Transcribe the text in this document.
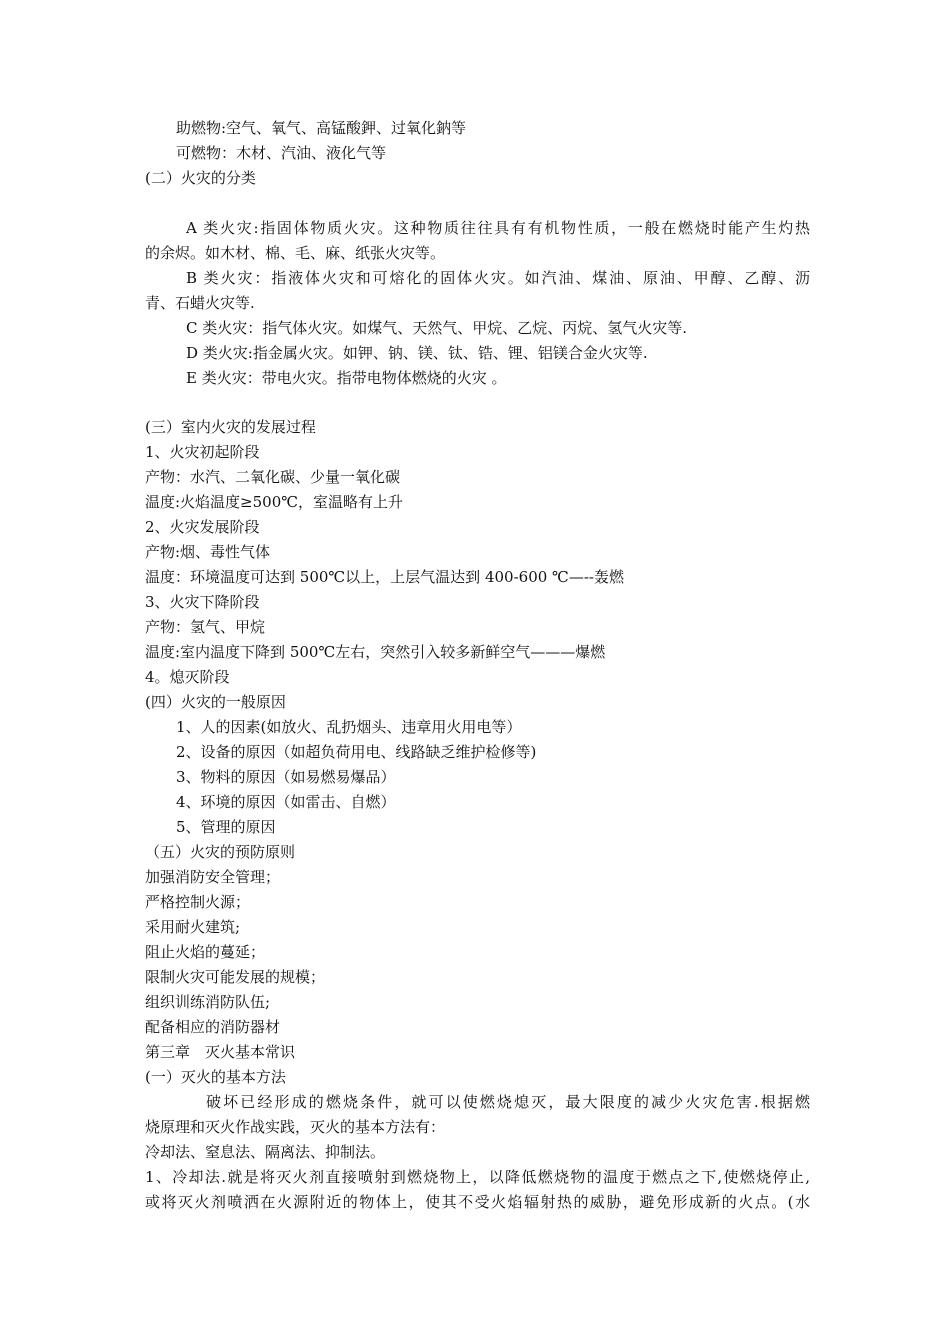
助燃物:空气、氧气、高锰酸鉀、过氧化鈉等
可燃物：木材、汽油、液化气等
(二）火灾的分类
A 类火灾:指固体物质火灾。这种物质往往具有有机物性质，一般在燃烧时能产生灼热
的余烬。如木材、棉、毛、麻、纸张火灾等。
B 类火灾：指液体火灾和可熔化的固体火灾。如汽油、煤油、原油、甲醇、乙醇、沥
青、石蜡火灾等.
C 类火灾：指气体火灾。如煤气、天然气、甲烷、乙烷、丙烷、氢气火灾等.
D 类火灾:指金属火灾。如钾、钠、镁、钛、锆、锂、铝镁合金火灾等.
E 类火灾：带电火灾。指带电物体燃烧的火灾 。
(三）室内火灾的发展过程
1、火灾初起阶段
产物：水汽、二氧化碳、少量一氧化碳
温度:火焰温度≥500℃，室温略有上升
2、火灾发展阶段
产物:烟、毒性气体
温度：环境温度可达到 500℃以上，上层气温达到 400-600 ℃—--轰燃
3、火灾下降阶段
产物：氢气、甲烷
温度:室内温度下降到 500℃左右，突然引入较多新鲜空气———爆燃
4。熄灭阶段
(四）火灾的一般原因
1、人的因素(如放火、乱扔烟头、违章用火用电等）
2、设备的原因（如超负荷用电、线路缺乏维护检修等)
3、物料的原因（如易燃易爆品）
4、环境的原因（如雷击、自燃）
5、管理的原因
（五）火灾的预防原则
加强消防安全管理；
严格控制火源；
采用耐火建筑;
阻止火焰的蔓延；
限制火灾可能发展的规模；
组织训练消防队伍;
配备相应的消防器材
第三章　灭火基本常识
(一）灭火的基本方法
破坏已经形成的燃烧条件，就可以使燃烧熄灭，最大限度的减少火灾危害.根据燃
烧原理和灭火作战实践，灭火的基本方法有：
冷却法、窒息法、隔离法、抑制法。
1、冷却法.就是将灭火剂直接喷射到燃烧物上，以降低燃烧物的温度于燃点之下,使燃烧停止,
或将灭火剂喷洒在火源附近的物体上，使其不受火焰辐射热的威胁，避免形成新的火点。(水
